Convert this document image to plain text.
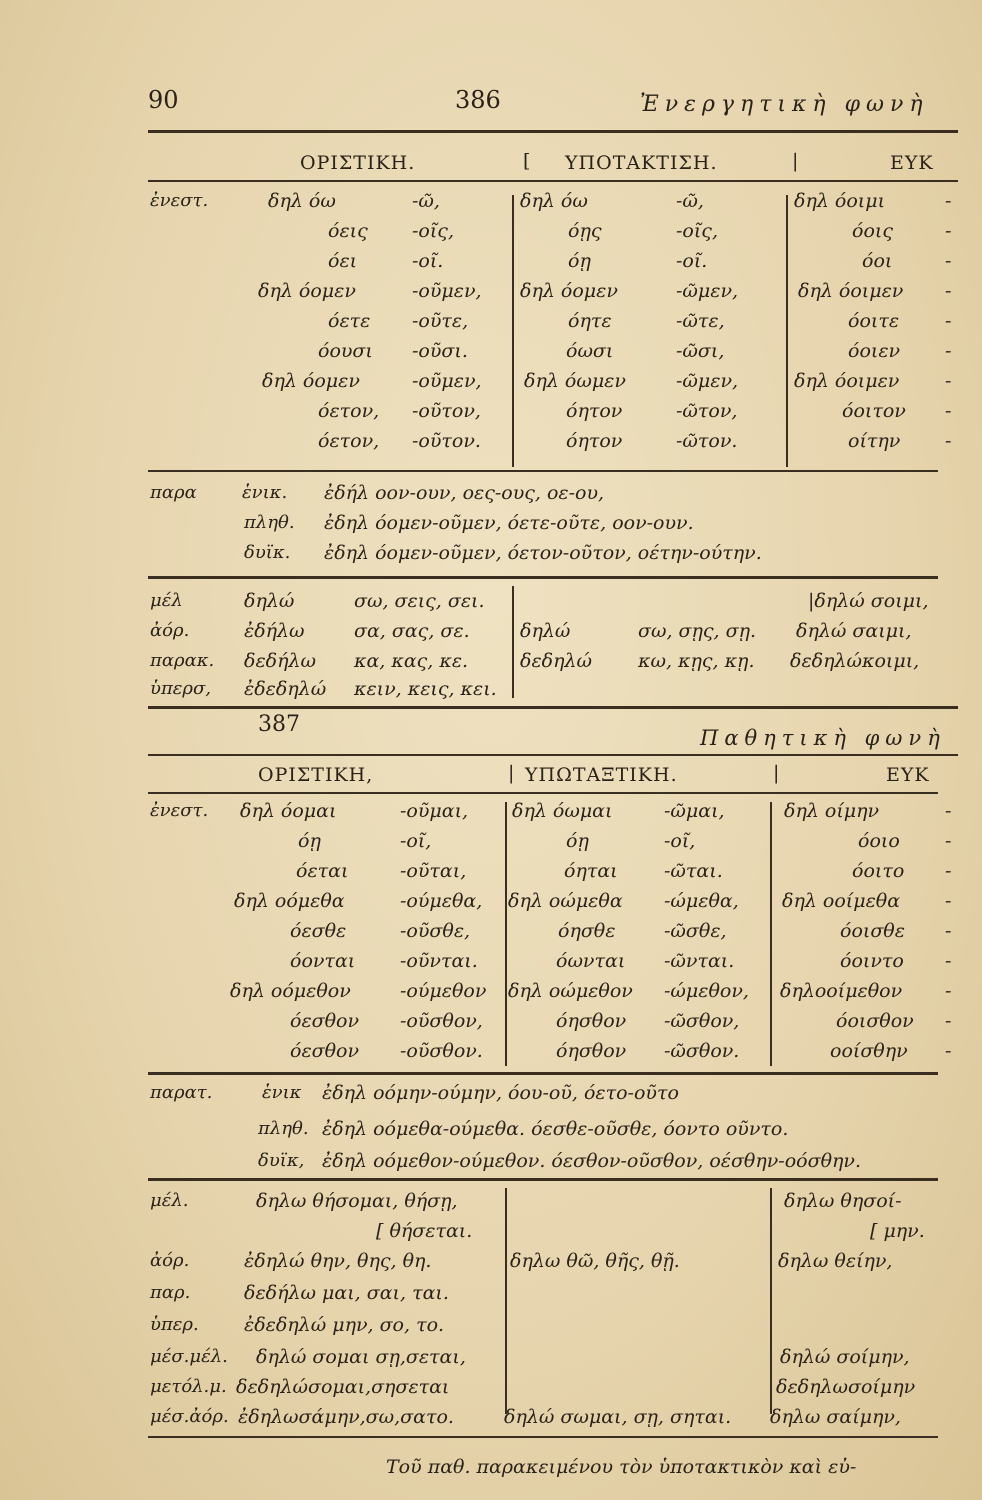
90	386	Ἐνεργητικὴ φωνὴ
ΟΡΙΣΤΙΚΗ.	[ ΥΠΟΤΑΚΤΙΣΗ.	|	ΕΥΚ
ἐνεστ.	δηλ όω	-ῶ,	δηλ όω	-ῶ,	δηλ όοιμι	-
όεις -οῖς,	όῃς	-οῖς,	όοις	-
όει	-οῖ.	όῃ	-οῖ.	όοι	-
δηλ όομεν	-οῦμεν, δηλ όομεν	-ῶμεν,	δηλ όοιμεν -
όετε -οῦτε,	όητε	-ῶτε,	όοιτε -
όουσι -οῦσι.	όωσι	-ῶσι,	όοιεν -
δηλ όομεν	-οῦμεν, δηλ όωμεν	-ῶμεν,	δηλ όοιμεν -
όετον, -οῦτον,	όητον	-ῶτον,	όοιτον -
όετον, -οῦτον.	όητον	-ῶτον.	οίτην -
παρα	ἑνικ. ἐδήλ οον-ουν, οες-ους, οε-ου,
πληθ. ἐδηλ όομεν-οῦμεν, όετε-οῦτε, οον-ουν.
δυϊκ. ἐδηλ όομεν-οῦμεν, όετον-οῦτον, οέτην-ούτην.
μέλ	δηλώ	σω, σεις, σει.	|δηλώ σοιμι,
ἀόρ.	ἐδήλω	σα, σας, σε.	δηλώ	σω, σῃς, σῃ. δηλώ σαιμι,
παρακ. δεδήλω κα, κας, κε.	δεδηλώ κω, κῃς, κῃ. δεδηλώκοιμι,
ὑπερσ, ἐδεδηλώ κειν, κεις, κει.
387
Παθητικὴ φωνὴ
ΟΡΙΣΤΙΚΗ,	| ΥΠΩΤΑΞΤΙΚΗ.	|	ΕΥΚ
ἐνεστ. δηλ όομαι	-οῦμαι, δηλ όωμαι	-ῶμαι,	δηλ οίμην	-
όῃ	-οῖ,	όῃ	-οῖ,	όοιο -
όεται	-οῦται,	όηται -ῶται.	όοιτο -
δηλ οόμεθα	-ούμεθα, δηλ οώμεθα -ώμεθα, δηλ οοίμεθα -
όεσθε	-οῦσθε,	όησθε	-ῶσθε,	όοισθε -
όονται -οῦνται.	όωνται -ῶνται.	όοιντο -
δηλ οόμεθον	-ούμεθον δηλ οώμεθον -ώμεθον, δηλοοίμεθον -
όεσθον -οῦσθον,	όησθον -ῶσθον,	όοισθον -
όεσθον -οῦσθον.	όησθον -ῶσθον.	οοίσθην -
παρατ.	ἑνικ ἐδηλ οόμην-ούμην, όου-οῦ, όετο-οῦτο
πληθ. ἐδηλ οόμεθα-ούμεθα. όεσθε-οῦσθε, όοντο οῦντο.
δυϊκ, ἐδηλ οόμεθον-ούμεθον. όεσθον-οῦσθον, οέσθην-οόσθην.
μέλ.	δηλω θήσομαι, θήσῃ,	δηλω θησοί-
[ θήσεται.	[ μην.
ἀόρ.	ἐδηλώ θην, θης, θη.	δηλω θῶ, θῆς, θῇ.	δηλω θείην,
παρ.	δεδήλω μαι, σαι, ται.
ὑπερ. ἐδεδηλώ μην, σο, το.
μέσ.μέλ. δηλώ σομαι σῃ,σεται,	δηλώ σοίμην,
μετόλ.μ. δεδηλώσομαι,σησεται	δεδηλωσοίμην
μέσ.ἀόρ. ἐδηλωσάμην,σω,σατο.	δηλώ σωμαι, σῃ, σηται. δηλω σαίμην,
Τοῦ παθ. παρακειμένου τὸν ὑποτακτικὸν καὶ εὐ-
